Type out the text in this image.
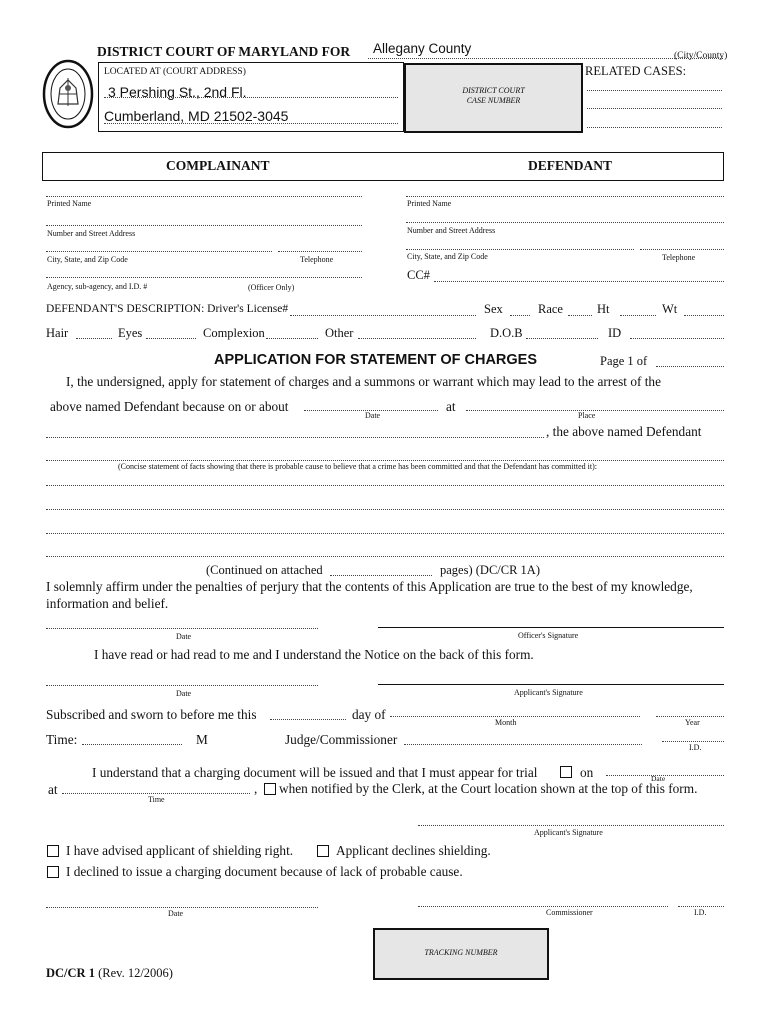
DISTRICT COURT OF MARYLAND FOR Allegany County	(City/County)
LOCATED AT (COURT ADDRESS)
3 Pershing St., 2nd Fl.
Cumberland, MD 21502-3045
DISTRICT COURT
CASE NUMBER
RELATED CASES:
COMPLAINANT	DEFENDANT
Printed Name
Number and Street Address
City, State, and Zip Code	Telephone
Agency, sub-agency, and I.D. #	(Officer Only)
Printed Name
Number and Street Address
City, State, and Zip Code	Telephone
CC#
DEFENDANT'S DESCRIPTION: Driver's License#	Sex	Race	Ht	Wt
Hair	Eyes	Complexion	Other	D.O.B	ID
APPLICATION FOR STATEMENT OF CHARGES	Page 1 of
I, the undersigned, apply for statement of charges and a summons or warrant which may lead to the arrest of the
above named Defendant because on or about
Date
at
Place
, the above named Defendant
(Concise statement of facts showing that there is probable cause to believe that a crime has been committed and that the Defendant has committed it):
(Continued on attached	pages) (DC/CR 1A)
I solemnly affirm under the penalties of perjury that the contents of this Application are true to the best of my knowledge,
information and belief.
Date	Officer's Signature
I have read or had read to me and I understand the Notice on the back of this form.
Date	Applicant's Signature
Subscribed and sworn to before me this	day of
Month	Year
Time:	M	Judge/Commissioner
I.D.
I understand that a charging document will be issued and that I must appear for trial	on	Date
at
Time
, when notified by the Clerk, at the Court location shown at the top of this form.
Applicant's Signature
I have advised applicant of shielding right.	Applicant declines shielding.
I declined to issue a charging document because of lack of probable cause.
Date	Commissioner	I.D.
TRACKING NUMBER
DC/CR 1 (Rev. 12/2006)
DISTRICT COURT OF MARYLAND
